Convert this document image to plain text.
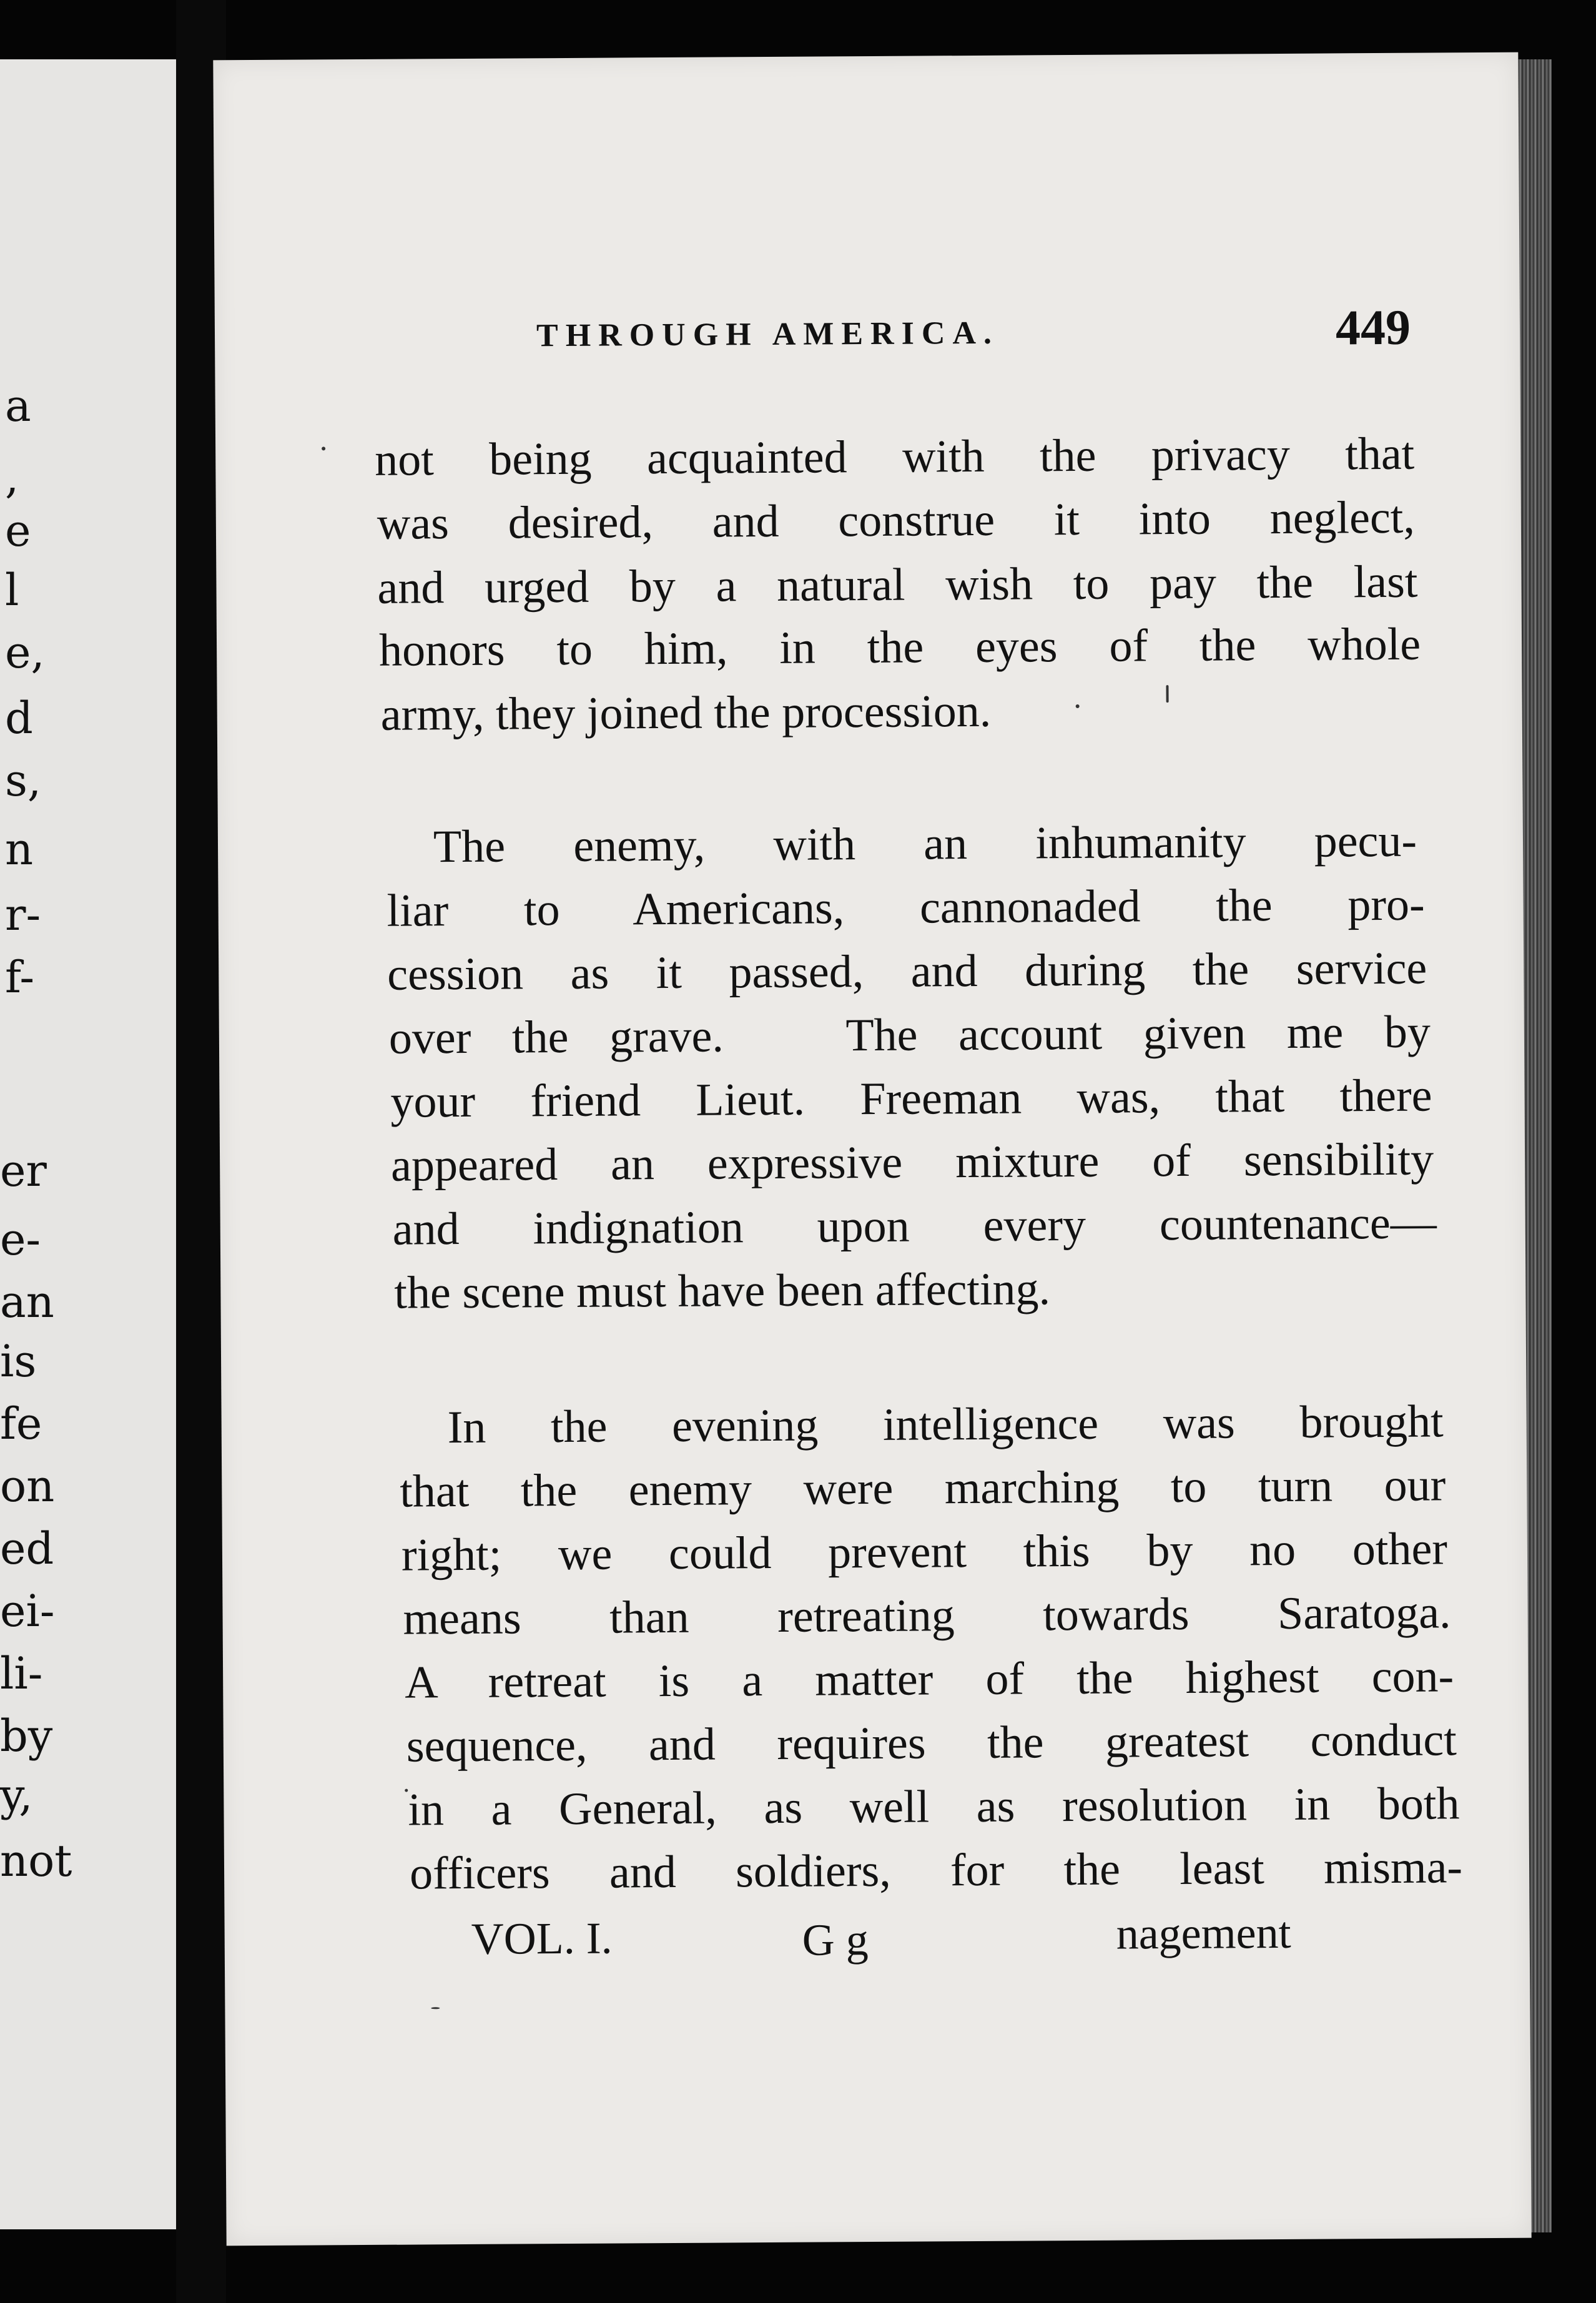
a
,
e
l
e,
d
s,
n
r-
f-
er
e-
an
is
fe
on
ed
ei-
li-
by
y,
not
THROUGH AMERICA.	449
not being acquainted with the privacy that
was desired, and construe it into neglect,
and urged by a natural wish to pay the last
honors to him, in the eyes of the whole
army, they joined the procession.
The enemy, with an inhumanity pecu-
liar to Americans, cannonaded the pro-
cession as it passed, and during the service
over the grave.   The account given me by
your friend Lieut. Freeman was, that there
appeared an expressive mixture of sensibility
and indignation upon every countenance—
the scene must have been affecting.
In the evening intelligence was brought
that the enemy were marching to turn our
right; we could prevent this by no other
means than retreating towards Saratoga.
A retreat is a matter of the highest con-
sequence, and requires the greatest conduct
in a General, as well as resolution in both
officers and soldiers, for the least misma-
VOL. I.	G g	nagement
